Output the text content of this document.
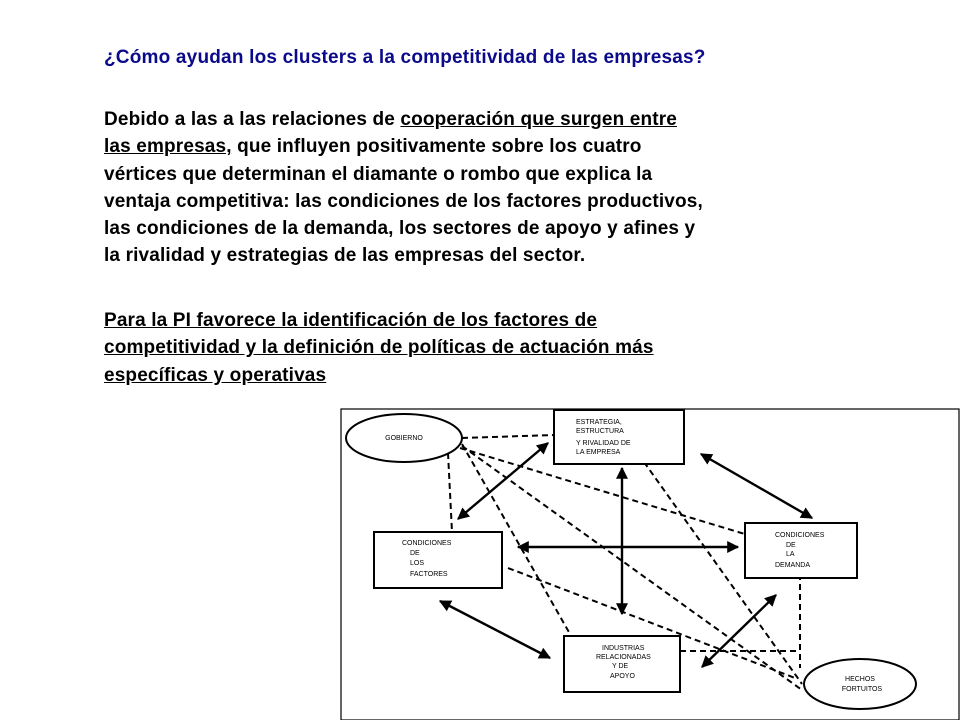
¿Cómo ayudan los clusters a la competitividad de las empresas?
Debido a las a las relaciones de cooperación que surgen entre
las empresas, que influyen positivamente sobre los cuatro
vértices que determinan el diamante o rombo que explica la
ventaja competitiva: las condiciones de los factores productivos,
las condiciones de la demanda, los sectores de apoyo y afines y
la rivalidad y estrategias de las empresas del sector.
Para la PI favorece la identificación de los factores de
competitividad y la definición de políticas de actuación más
específicas y operativas
GOBIERNO
ESTRATEGIA,
ESTRUCTURA
Y RIVALIDAD DE
LA EMPRESA
CONDICIONES
DE
LOS
FACTORES
CONDICIONES
DE
LA
DEMANDA
INDUSTRIAS
RELACIONADAS
Y DE
APOYO	HECHOS
FORTUITOS
